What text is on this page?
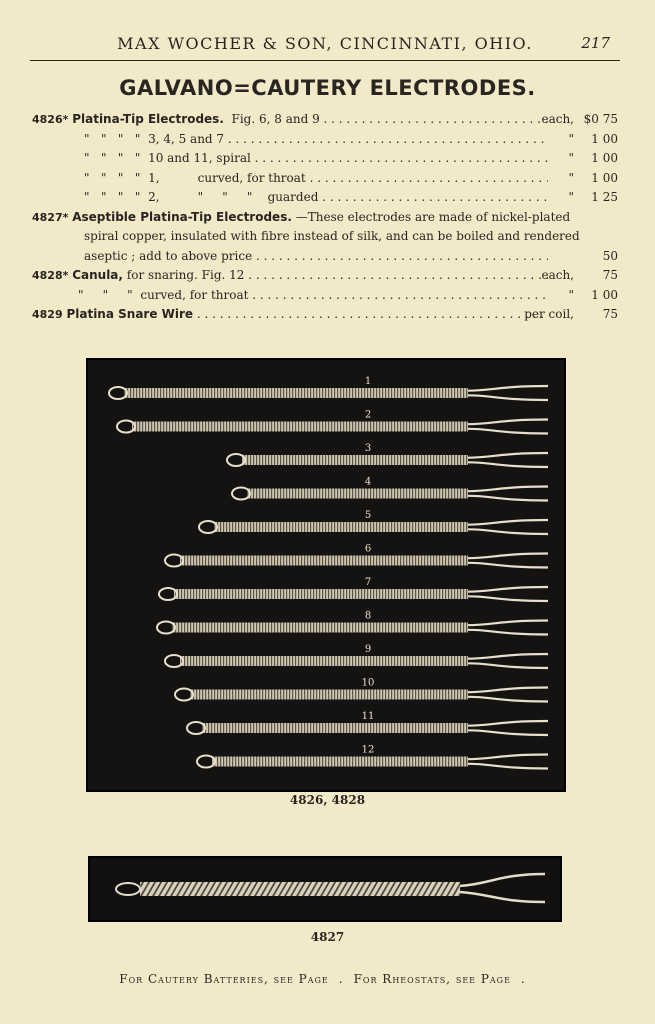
MAX WOCHER & SON, CINCINNATI, OHIO.	217
GALVANO=CAUTERY ELECTRODES.
4826* Platina-Tip Electrodes. Fig. 6, 8 and 9 . . .	each, $0 75
"   "   "   " 3, 4, 5 and 7 . . .	"	1 00
"   "   "   " 10 and 11, spiral . . .	"	1 00
"   "   "   " 1,          curved, for throat . . .	"	1 00
"   "   "   " 2,          "     "     "    guarded . . .	"	1 25
4827* Aseptible Platina-Tip Electrodes. —These electrodes are made of nickel-plated
spiral copper, insulated with fibre instead of silk, and can be boiled and rendered
aseptic ; add to above price . . .	50
4828* Canula, for snaring. Fig. 12 . . .	each,	75
"     "     " curved, for throat . . .	"	1 00
4829 Platina Snare Wire . . .	per coil,	75
1
2
3
4
5
6
7
8
9
10
11
12
4826, 4828
4827
For Cautery Batteries, see Page . For Rheostats, see Page .
